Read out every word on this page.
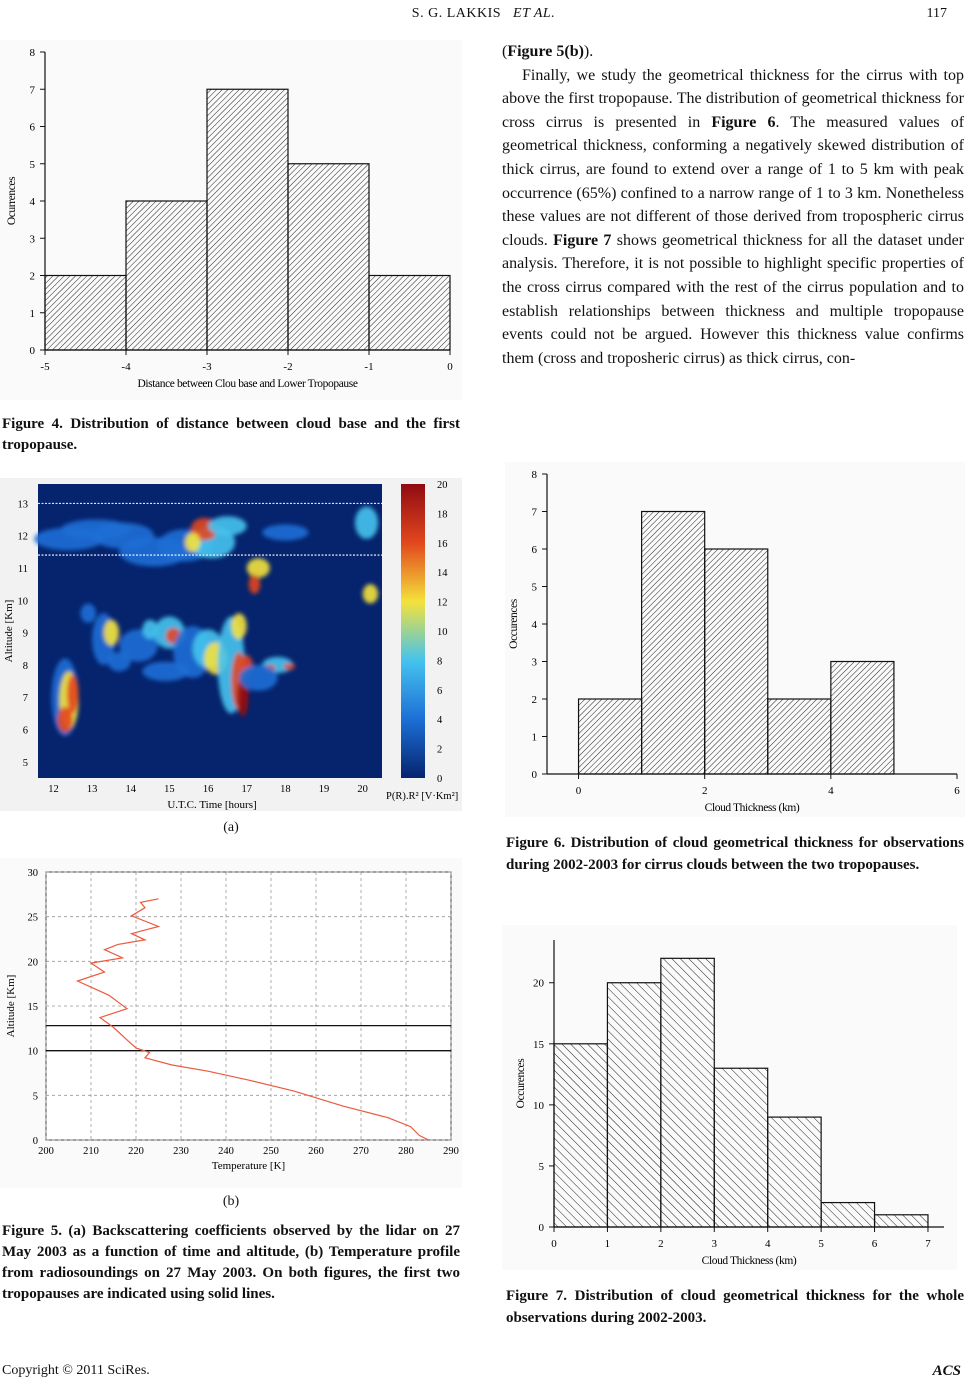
S. G. LAKKIS ET AL.	117
0
1
2
3
4
5
6
7
8
-5	-4	-3	-2	-1	0
Distance between Clou base and Lower Tropopause
Ocurrences
Figure 4. Distribution of distance between cloud base and the first tropopause.
5
6
7
8
9
10
11
12
13
Altitude [Km]
12	13	14	15	16	17	18	19	20
U.T.C. Time [hours]
0
2
4
6
8
10
12
14
16
18
20
P(R).R² [V·Km²]
(a)
200	210	220	230	240	250	260	270	280	290
0
5
10
15
20
25
30
Temperature [K]
Altitude [Km]
(b)
Figure 5. (a) Backscattering coefficients observed by the lidar on 27 May 2003 as a function of time and altitude, (b) Temperature profile from radiosoundings on 27 May 2003. On both figures, the first two tropopauses are indicated using solid lines.
(Figure 5(b)).
Finally, we study the geometrical thickness for the cirrus with top above the first tropopause. The distribution of geometrical thickness for cross cirrus is presented in Figure 6. The measured values of geometrical thickness, conforming a negatively skewed distribution of thick cirrus, are found to extend over a range of 1 to 5 km with peak occurrence (65%) confined to a narrow range of 1 to 3 km. Nonetheless these values are not different of those derived from tropospheric cirrus clouds. Figure 7 shows geometrical thickness for all the dataset under analysis. Therefore, it is not possible to highlight specific properties of the cross cirrus compared with the rest of the cirrus population and to establish relationships between thickness and multiple tropopause events could not be argued. However this thickness value confirms them (cross and troposheric cirrus) as thick cirrus, con-
0
1
2
3
4
5
6
7
8
0	2	4	6
Cloud Thickness (km)
Occurences
Figure 6. Distribution of cloud geometrical thickness for observations during 2002-2003 for cirrus clouds between the two tropopauses.
0
5
10
15
20
0	1	2	3	4	5	6	7
Cloud Thickness (km)
Occurences
Figure 7. Distribution of cloud geometrical thickness for the whole observations during 2002-2003.
Copyright © 2011 SciRes.	ACS
